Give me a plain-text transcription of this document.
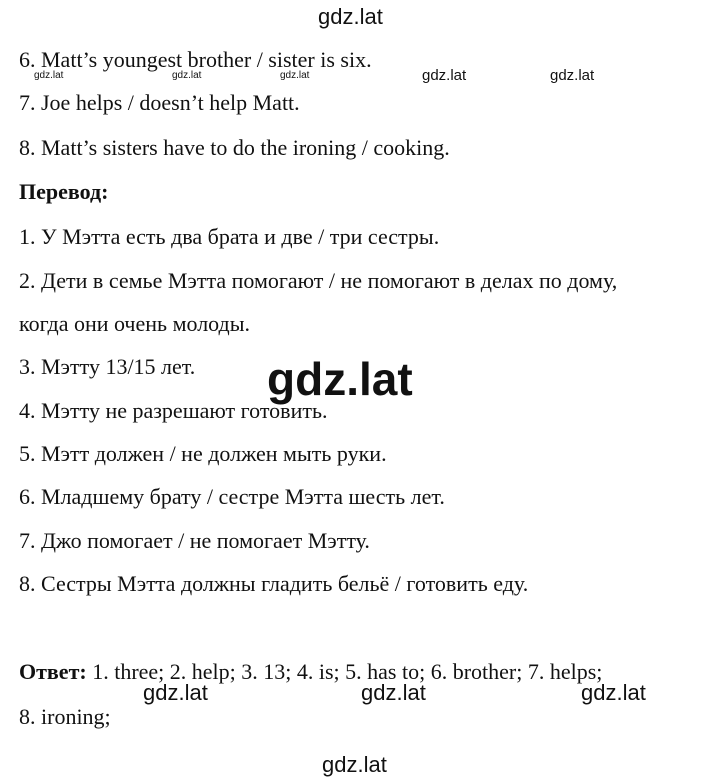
gdz.lat
gdz.lat	gdz.lat	gdz.lat	gdz.lat	gdz.lat
gdz.lat
gdz.lat	gdz.lat	gdz.lat
gdz.lat
6. Matt’s youngest brother / sister is six.
7. Joe helps / doesn’t help Matt.
8. Matt’s sisters have to do the ironing / cooking.
Перевод:
1. У Мэтта есть два брата и две / три сестры.
2. Дети в семье Мэтта помогают / не помогают в делах по дому,
когда они очень молоды.
3. Мэтту 13/15 лет.
4. Мэтту не разрешают готовить.
5. Мэтт должен / не должен мыть руки.
6. Младшему брату / сестре Мэтта шесть лет.
7. Джо помогает / не помогает Мэтту.
8. Сестры Мэтта должны гладить бельё / готовить еду.
Ответ: 1. three; 2. help; 3. 13; 4. is; 5. has to; 6. brother; 7. helps;
8. ironing;
